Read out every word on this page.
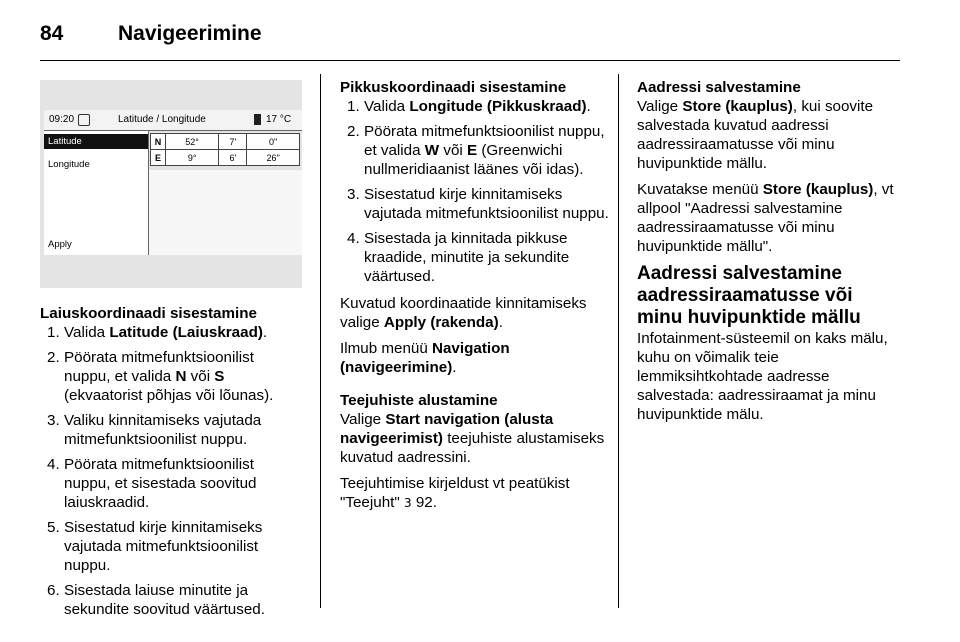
84	Navigeerimine
09:20	Latitude / Longitude	17 °C
Latitude
Longitude
Apply
N	52°	7'	0''
E	9°	6'	26''
Laiuskoordinaadi sisestamine
1. Valida Latitude (Laiuskraad).
2. Pöörata mitmefunktsioonilist nuppu, et valida N või S (ekvaatorist põhjas või lõunas).
3. Valiku kinnitamiseks vajutada mitmefunktsioonilist nuppu.
4. Pöörata mitmefunktsioonilist nuppu, et sisestada soovitud laiuskraadid.
5. Sisestatud kirje kinnitamiseks vajutada mitmefunktsioonilist nuppu.
6. Sisestada laiuse minutite ja sekundite soovitud väärtused.
Pikkuskoordinaadi sisestamine
1. Valida Longitude (Pikkuskraad).
2. Pöörata mitmefunktsioonilist nuppu, et valida W või E (Greenwichi nullmeridiaanist läänes või idas).
3. Sisestatud kirje kinnitamiseks vajutada mitmefunktsioonilist nuppu.
4. Sisestada ja kinnitada pikkuse kraadide, minutite ja sekundite väärtused.

Kuvatud koordinaatide kinnitamiseks valige Apply (rakenda).

Ilmub menüü Navigation (navigeerimine).

Teejuhiste alustamine

Valige Start navigation (alusta navigeerimist) teejuhiste alustamiseks kuvatud aadressini.

Teejuhtimise kirjeldust vt peatükist "Teejuht" 3 92.

Aadressi salvestamine

Valige Store (kauplus), kui soovite salvestada kuvatud aadressi aadressiraamatusse või minu huvipunktide mällu.

Kuvatakse menüü Store (kauplus), vt allpool "Aadressi salvestamine aadressiraamatusse või minu huvipunktide mällu".

Aadressi salvestamine aadressiraamatusse või minu huvipunktide mällu

Infotainment-süsteemil on kaks mälu, kuhu on võimalik teie lemmiksihtkohtade aadresse salvestada: aadressiraamat ja minu huvipunktide mälu.
